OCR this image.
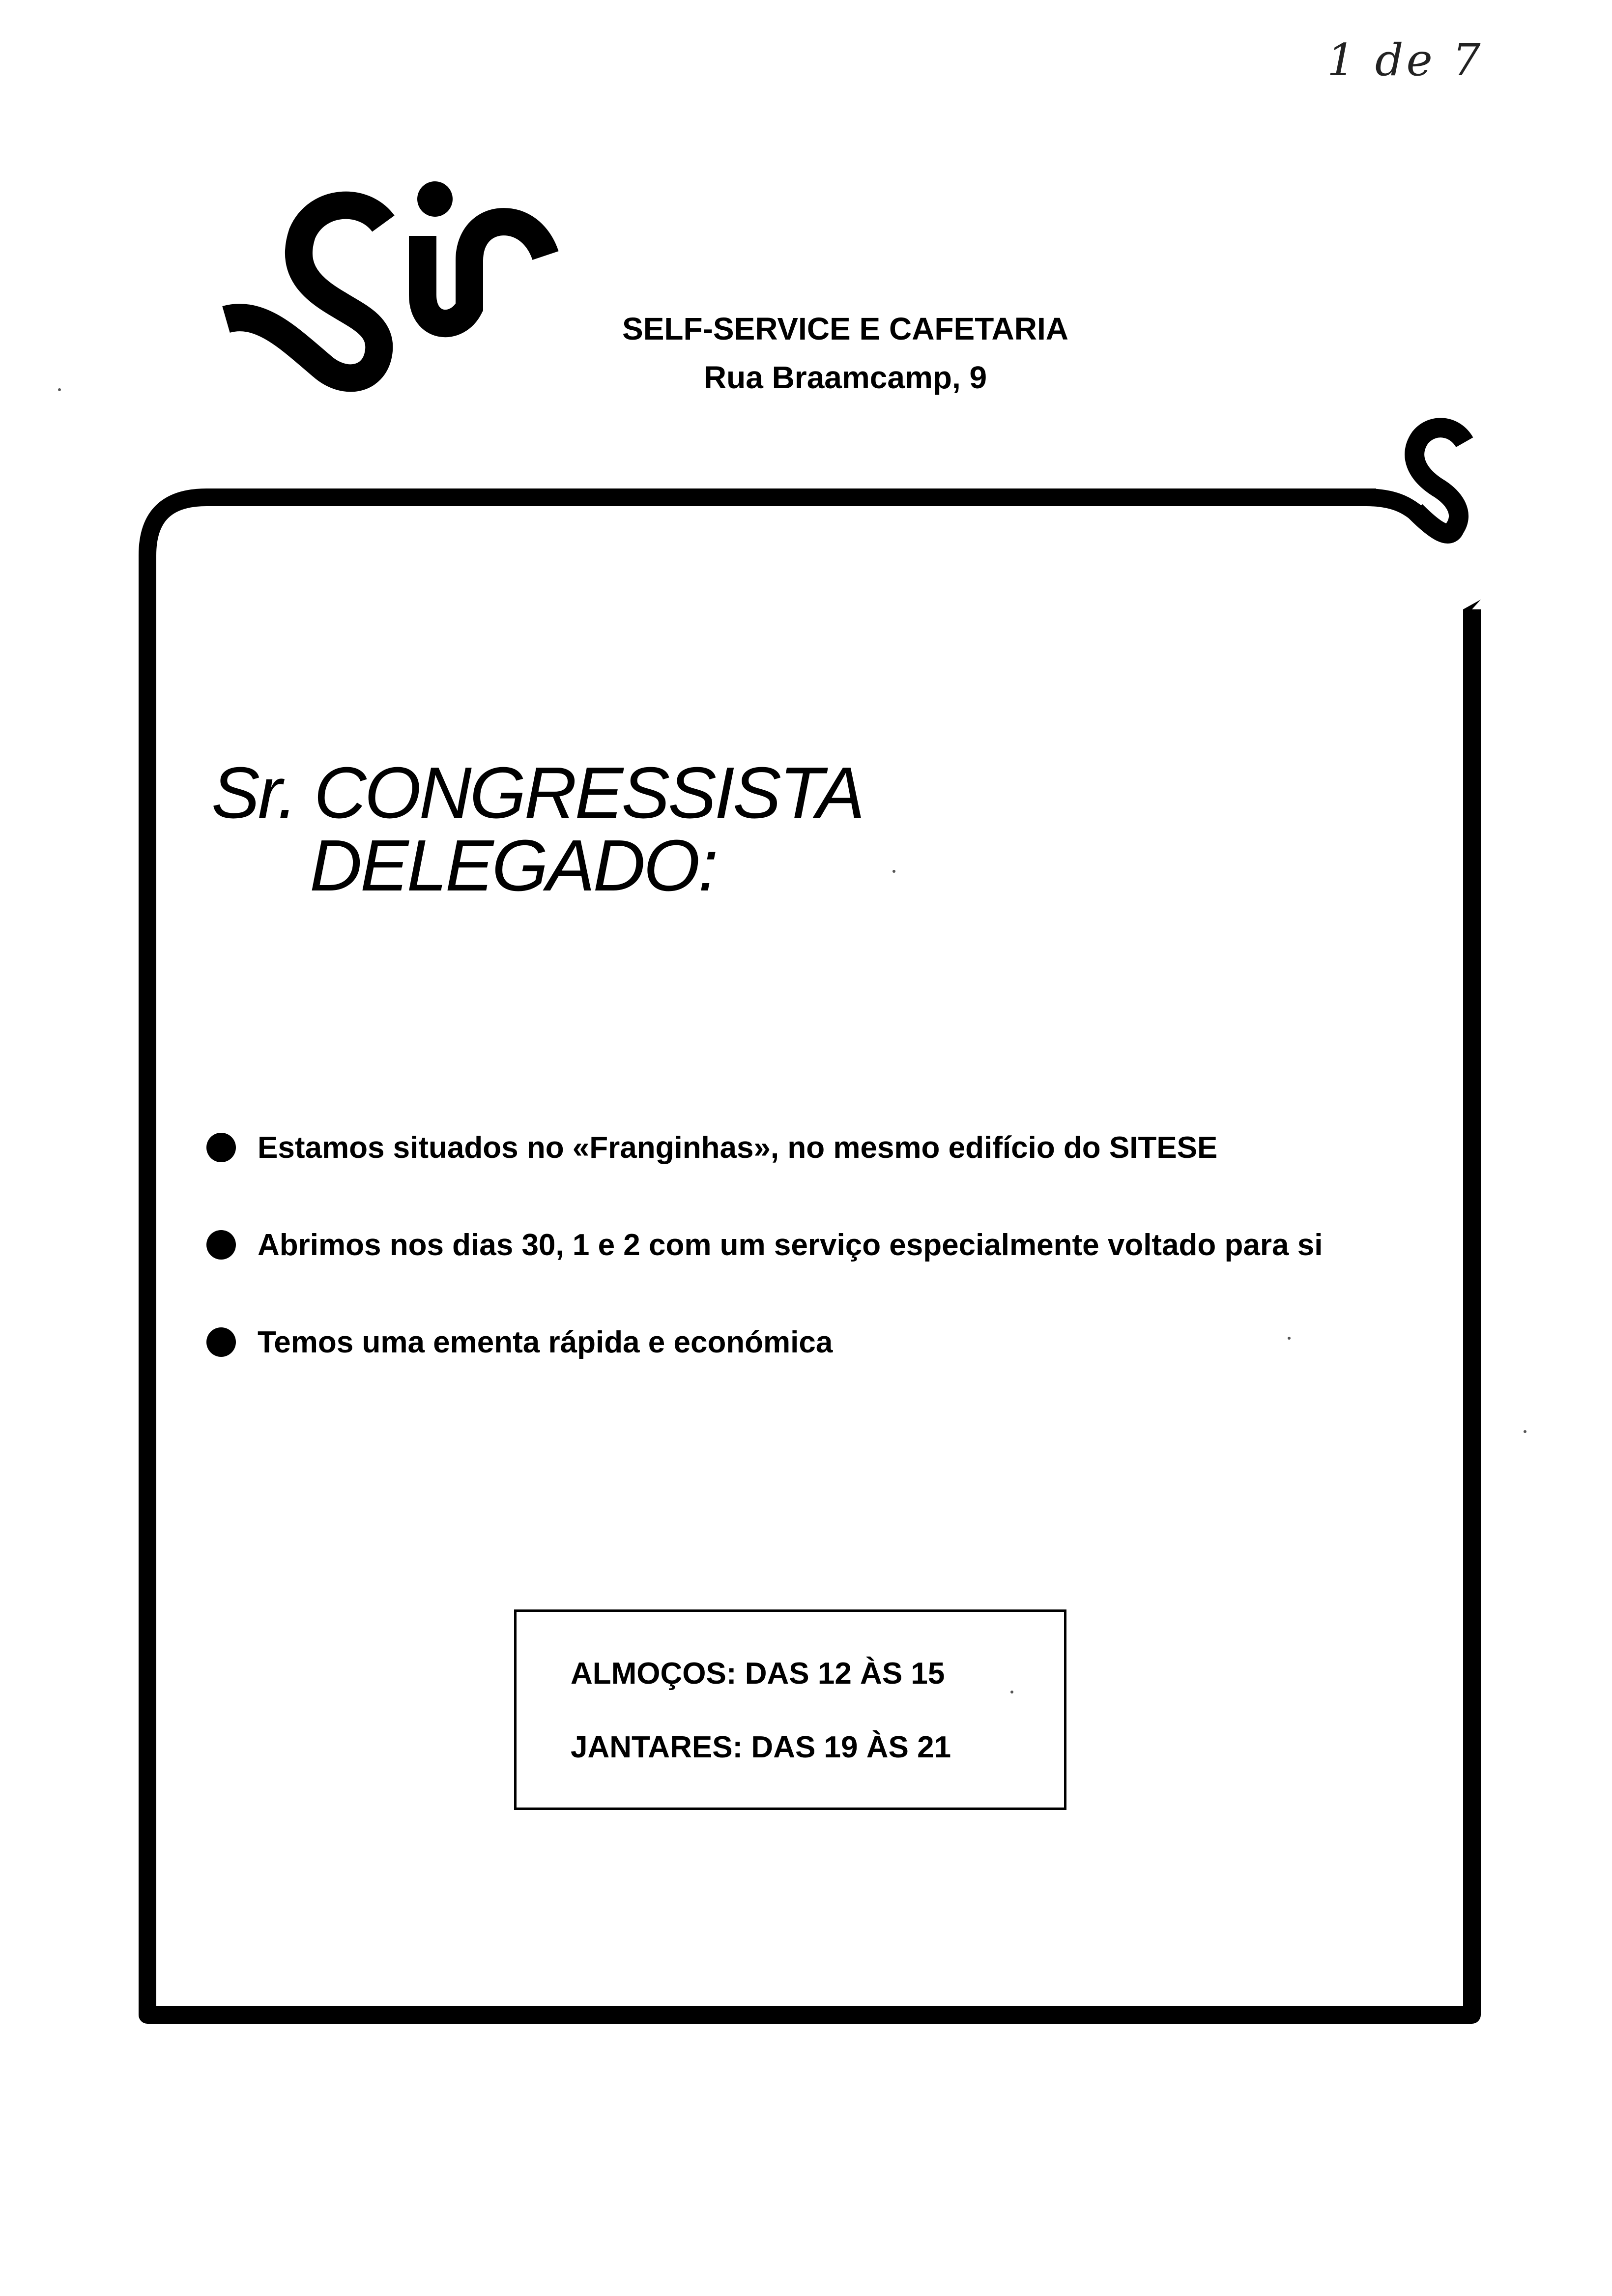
1 de 7
SELF-SERVICE E CAFETARIA
Rua Braamcamp, 9
Sr. CONGRESSISTA
DELEGADO:
Estamos situados no «Franginhas», no mesmo edifício do SITESE
Abrimos nos dias 30, 1 e 2 com um serviço especialmente voltado para si
Temos uma ementa rápida e económica
ALMOÇOS: DAS 12 ÀS 15
JANTARES: DAS 19 ÀS 21
